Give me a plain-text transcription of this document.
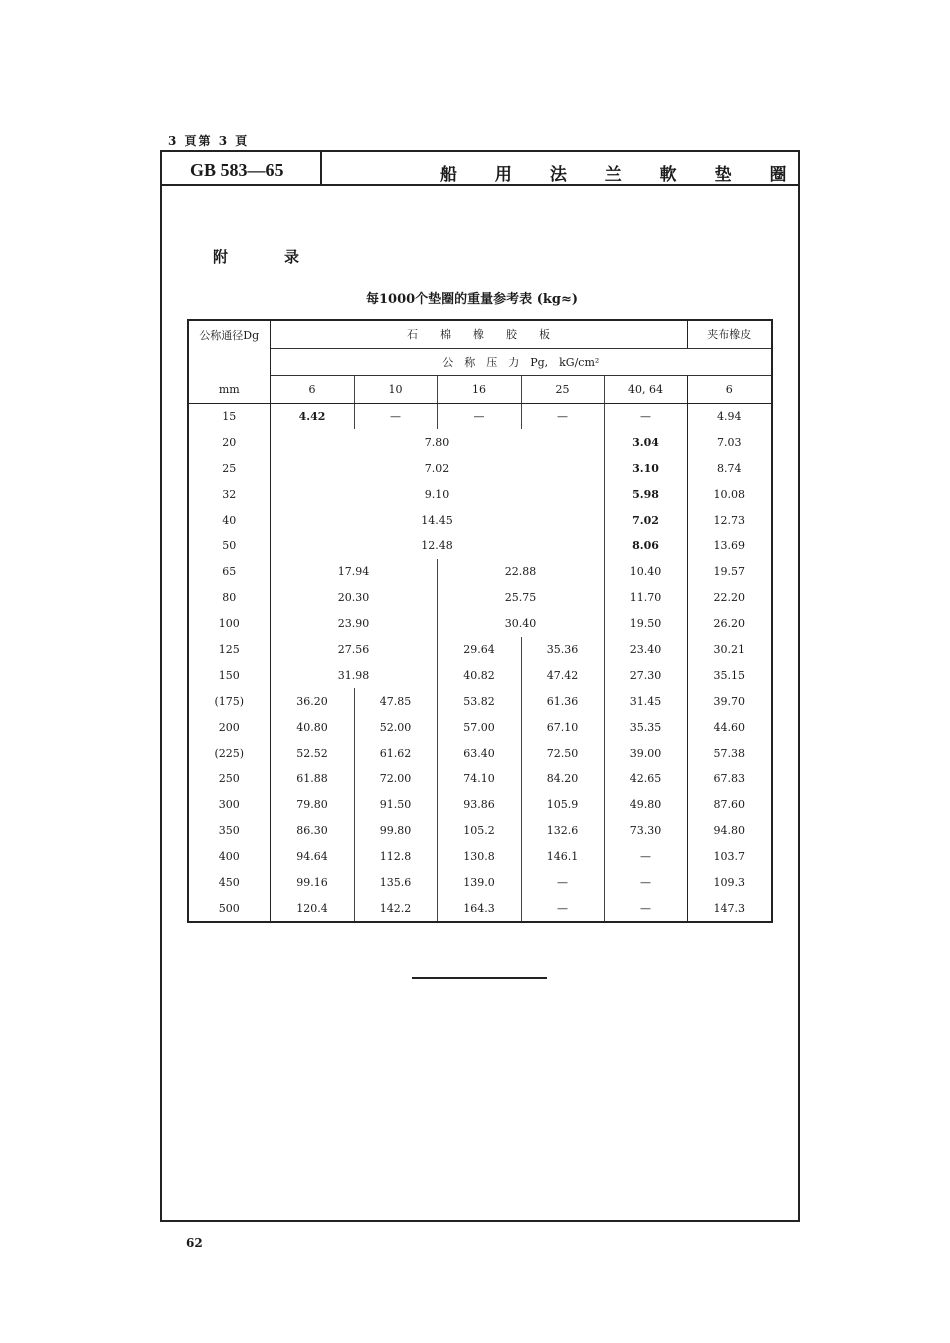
3 頁第 3 頁
GB 583—65	船 用 法 兰 軟 垫 圈
附	录
每1000个垫圈的重量参考表 (kg≈)
公称通径Dg	石　　棉　　橡　　胶　　板					夹布橡皮
	公　称　压　力　Pg,　kG/cm²					
mm	6	10	16	25	40, 64	6
15	4.42	—	—	—	—	4.94
20	7.80				3.04	7.03
25	7.02				3.10	8.74
32	9.10				5.98	10.08
40	14.45				7.02	12.73
50	12.48				8.06	13.69
65	17.94		22.88		10.40	19.57
80	20.30		25.75		11.70	22.20
100	23.90		30.40		19.50	26.20
125	27.56		29.64	35.36	23.40	30.21
150	31.98		40.82	47.42	27.30	35.15
(175)	36.20	47.85	53.82	61.36	31.45	39.70
200	40.80	52.00	57.00	67.10	35.35	44.60
(225)	52.52	61.62	63.40	72.50	39.00	57.38
250	61.88	72.00	74.10	84.20	42.65	67.83
300	79.80	91.50	93.86	105.9	49.80	87.60
350	86.30	99.80	105.2	132.6	73.30	94.80
400	94.64	112.8	130.8	146.1	—	103.7
450	99.16	135.6	139.0	—	—	109.3
500	120.4	142.2	164.3	—	—	147.3
62
